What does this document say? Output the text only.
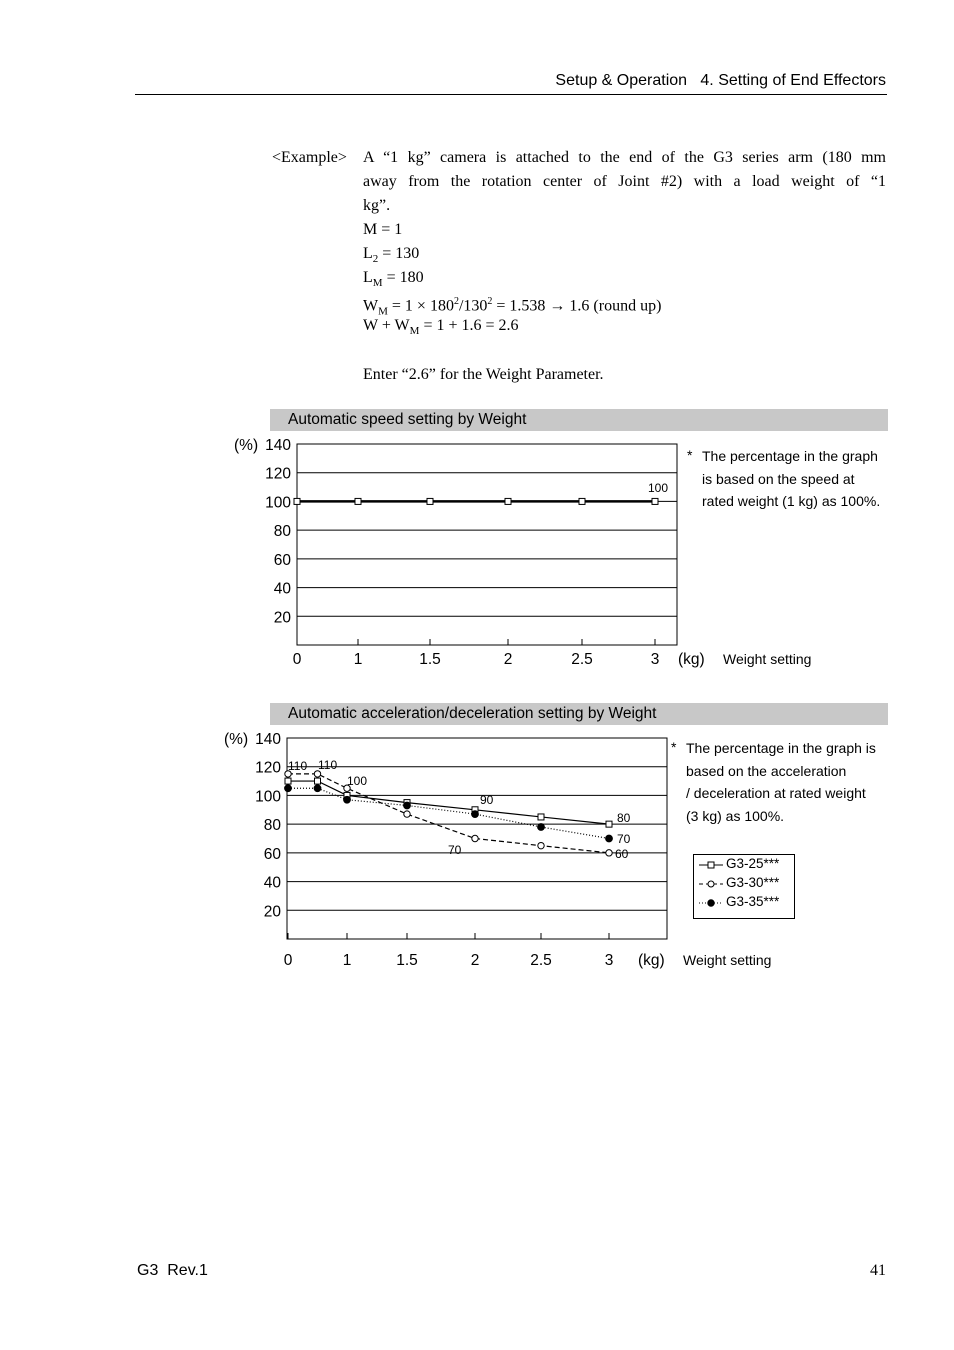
Setup & Operation   4. Setting of End Effectors
<Example> A “1 kg” camera is attached to the end of the G3 series arm (180 mm
away from the rotation center of Joint #2) with a load weight of “1
kg”.
M = 1
$L_2 = 130$
$L_M = 180$
$W_M = 1 \times 180^2/130^2 = 1.538 \to 1.6$ (round up)
$W + W_M = 1 + 1.6 = 2.6$
Enter “2.6” for the Weight Parameter.
Automatic speed setting by Weight
140
120
100
80
60
40
20
(%)
0	1	1.5	2	2.5	3 (kg) Weight setting
100
* The percentage in the graph
is based on the speed at
rated weight (1 kg) as 100%.
Automatic acceleration/deceleration setting by Weight
140
120
100
80
60
40
20
(%)
0	1	1.5	2	2.5	3 (kg) Weight setting
110 110
100
90
80
70
60
70
* The percentage in the graph is
based on the acceleration
/ deceleration at rated weight
(3 kg) as 100%.
G3-25***
G3-30***
G3-35***
G3  Rev.1	41
